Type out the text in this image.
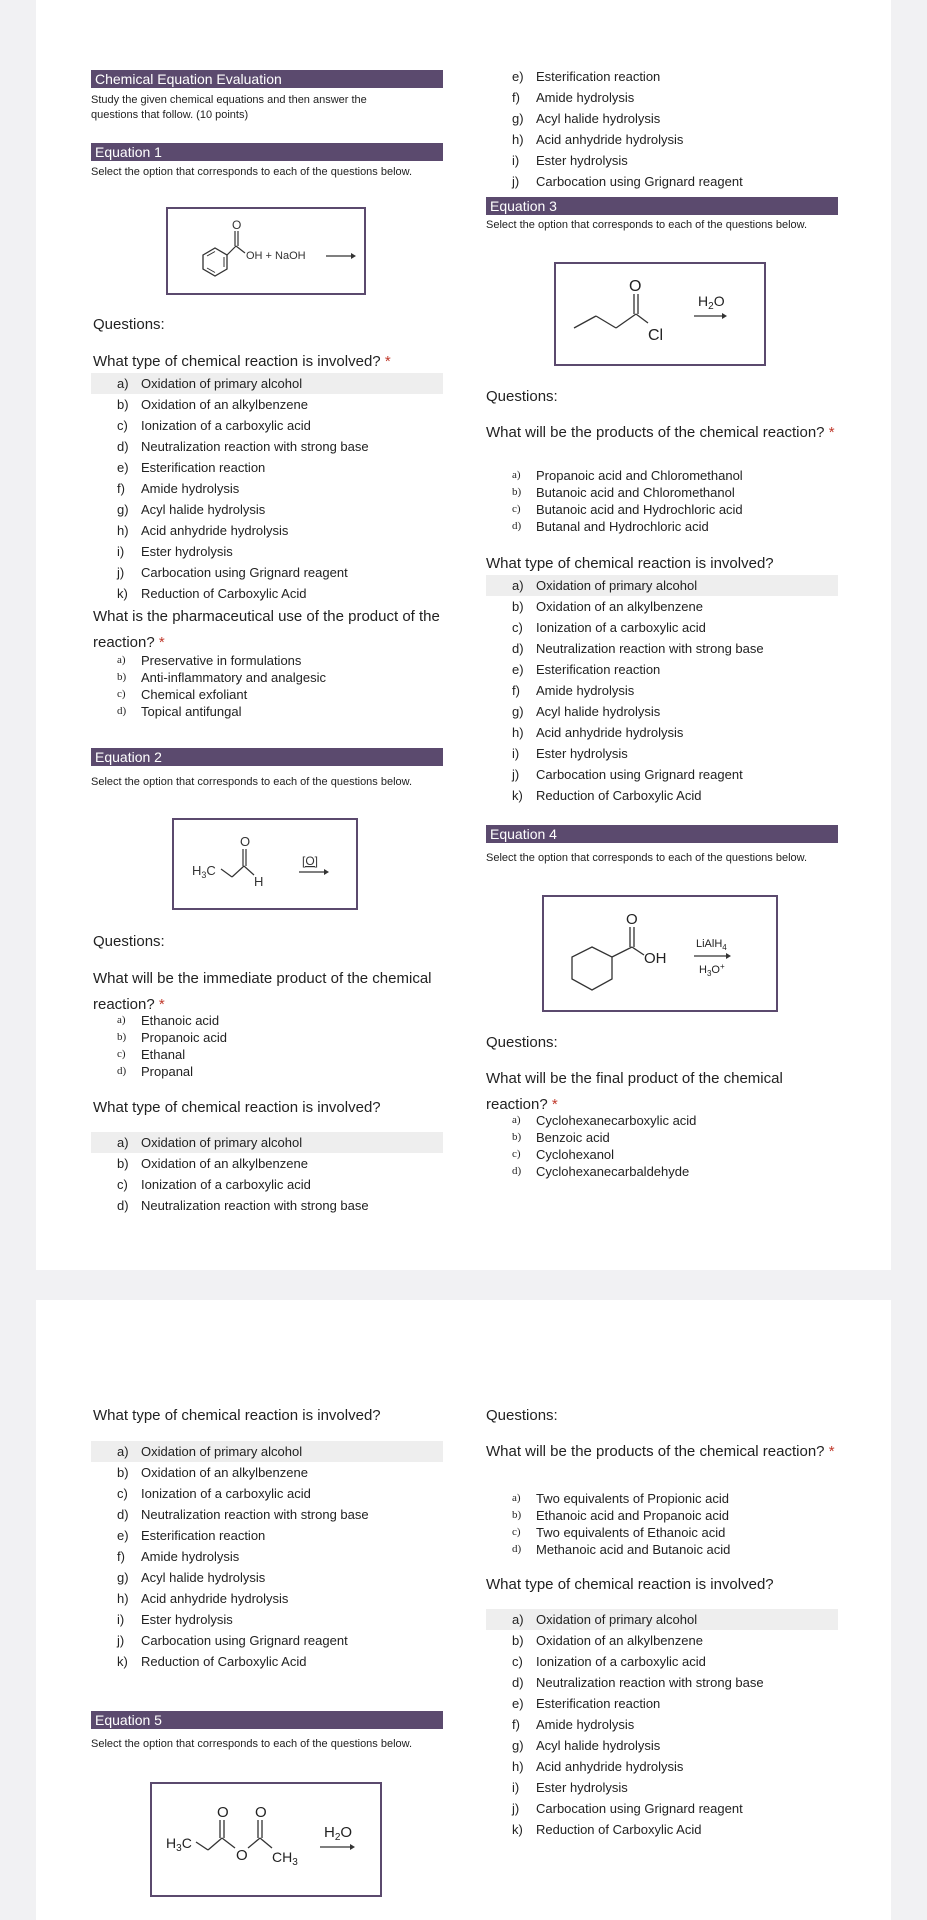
Chemical Equation Evaluation
Study the given chemical equations and then answer the questions that follow. (10 points)
Equation 1
Select the option that corresponds to each of the questions below.
O
OH + NaOH
Questions:
What type of chemical reaction is involved? *
a) Oxidation of primary alcohol
b) Oxidation of an alkylbenzene
c) Ionization of a carboxylic acid
d) Neutralization reaction with strong base
e) Esterification reaction
f) Amide hydrolysis
g) Acyl halide hydrolysis
h) Acid anhydride hydrolysis
i) Ester hydrolysis
j) Carbocation using Grignard reagent
k) Reduction of Carboxylic Acid
What is the pharmaceutical use of the product of the reaction? *
a) Preservative in formulations
b) Anti-inflammatory and analgesic
c) Chemical exfoliant
d) Topical antifungal
Equation 2
Select the option that corresponds to each of the questions below.
$H_3C$
O
H
[O]
Questions:
What will be the immediate product of the chemical reaction? *
a) Ethanoic acid
b) Propanoic acid
c) Ethanal
d) Propanal
What type of chemical reaction is involved?
a) Oxidation of primary alcohol
b) Oxidation of an alkylbenzene
c) Ionization of a carboxylic acid
d) Neutralization reaction with strong base
e) Esterification reaction
f) Amide hydrolysis
g) Acyl halide hydrolysis
h) Acid anhydride hydrolysis
i) Ester hydrolysis
j) Carbocation using Grignard reagent
Equation 3
Select the option that corresponds to each of the questions below.
O
Cl
$H_2O$
Questions:
What will be the products of the chemical reaction? *
a) Propanoic acid and Chloromethanol
b) Butanoic acid and Chloromethanol
c) Butanoic acid and Hydrochloric acid
d) Butanal and Hydrochloric acid
What type of chemical reaction is involved?
a) Oxidation of primary alcohol
b) Oxidation of an alkylbenzene
c) Ionization of a carboxylic acid
d) Neutralization reaction with strong base
e) Esterification reaction
f) Amide hydrolysis
g) Acyl halide hydrolysis
h) Acid anhydride hydrolysis
i) Ester hydrolysis
j) Carbocation using Grignard reagent
k) Reduction of Carboxylic Acid
Equation 4
Select the option that corresponds to each of the questions below.
O
OH
LiAlH$_4$
$H_3O^+$
Questions:
What will be the final product of the chemical reaction? *
a) Cyclohexanecarboxylic acid
b) Benzoic acid
c) Cyclohexanol
d) Cyclohexanecarbaldehyde
What type of chemical reaction is involved?
a) Oxidation of primary alcohol
b) Oxidation of an alkylbenzene
c) Ionization of a carboxylic acid
d) Neutralization reaction with strong base
e) Esterification reaction
f) Amide hydrolysis
g) Acyl halide hydrolysis
h) Acid anhydride hydrolysis
i) Ester hydrolysis
j) Carbocation using Grignard reagent
k) Reduction of Carboxylic Acid
Equation 5
Select the option that corresponds to each of the questions below.
$H_3C$
O
O
O
$CH_3$
$H_2O$
Questions:
What will be the products of the chemical reaction? *
a) Two equivalents of Propionic acid
b) Ethanoic acid and Propanoic acid
c) Two equivalents of Ethanoic acid
d) Methanoic acid and Butanoic acid
What type of chemical reaction is involved?
a) Oxidation of primary alcohol
b) Oxidation of an alkylbenzene
c) Ionization of a carboxylic acid
d) Neutralization reaction with strong base
e) Esterification reaction
f) Amide hydrolysis
g) Acyl halide hydrolysis
h) Acid anhydride hydrolysis
i) Ester hydrolysis
j) Carbocation using Grignard reagent
k) Reduction of Carboxylic Acid
